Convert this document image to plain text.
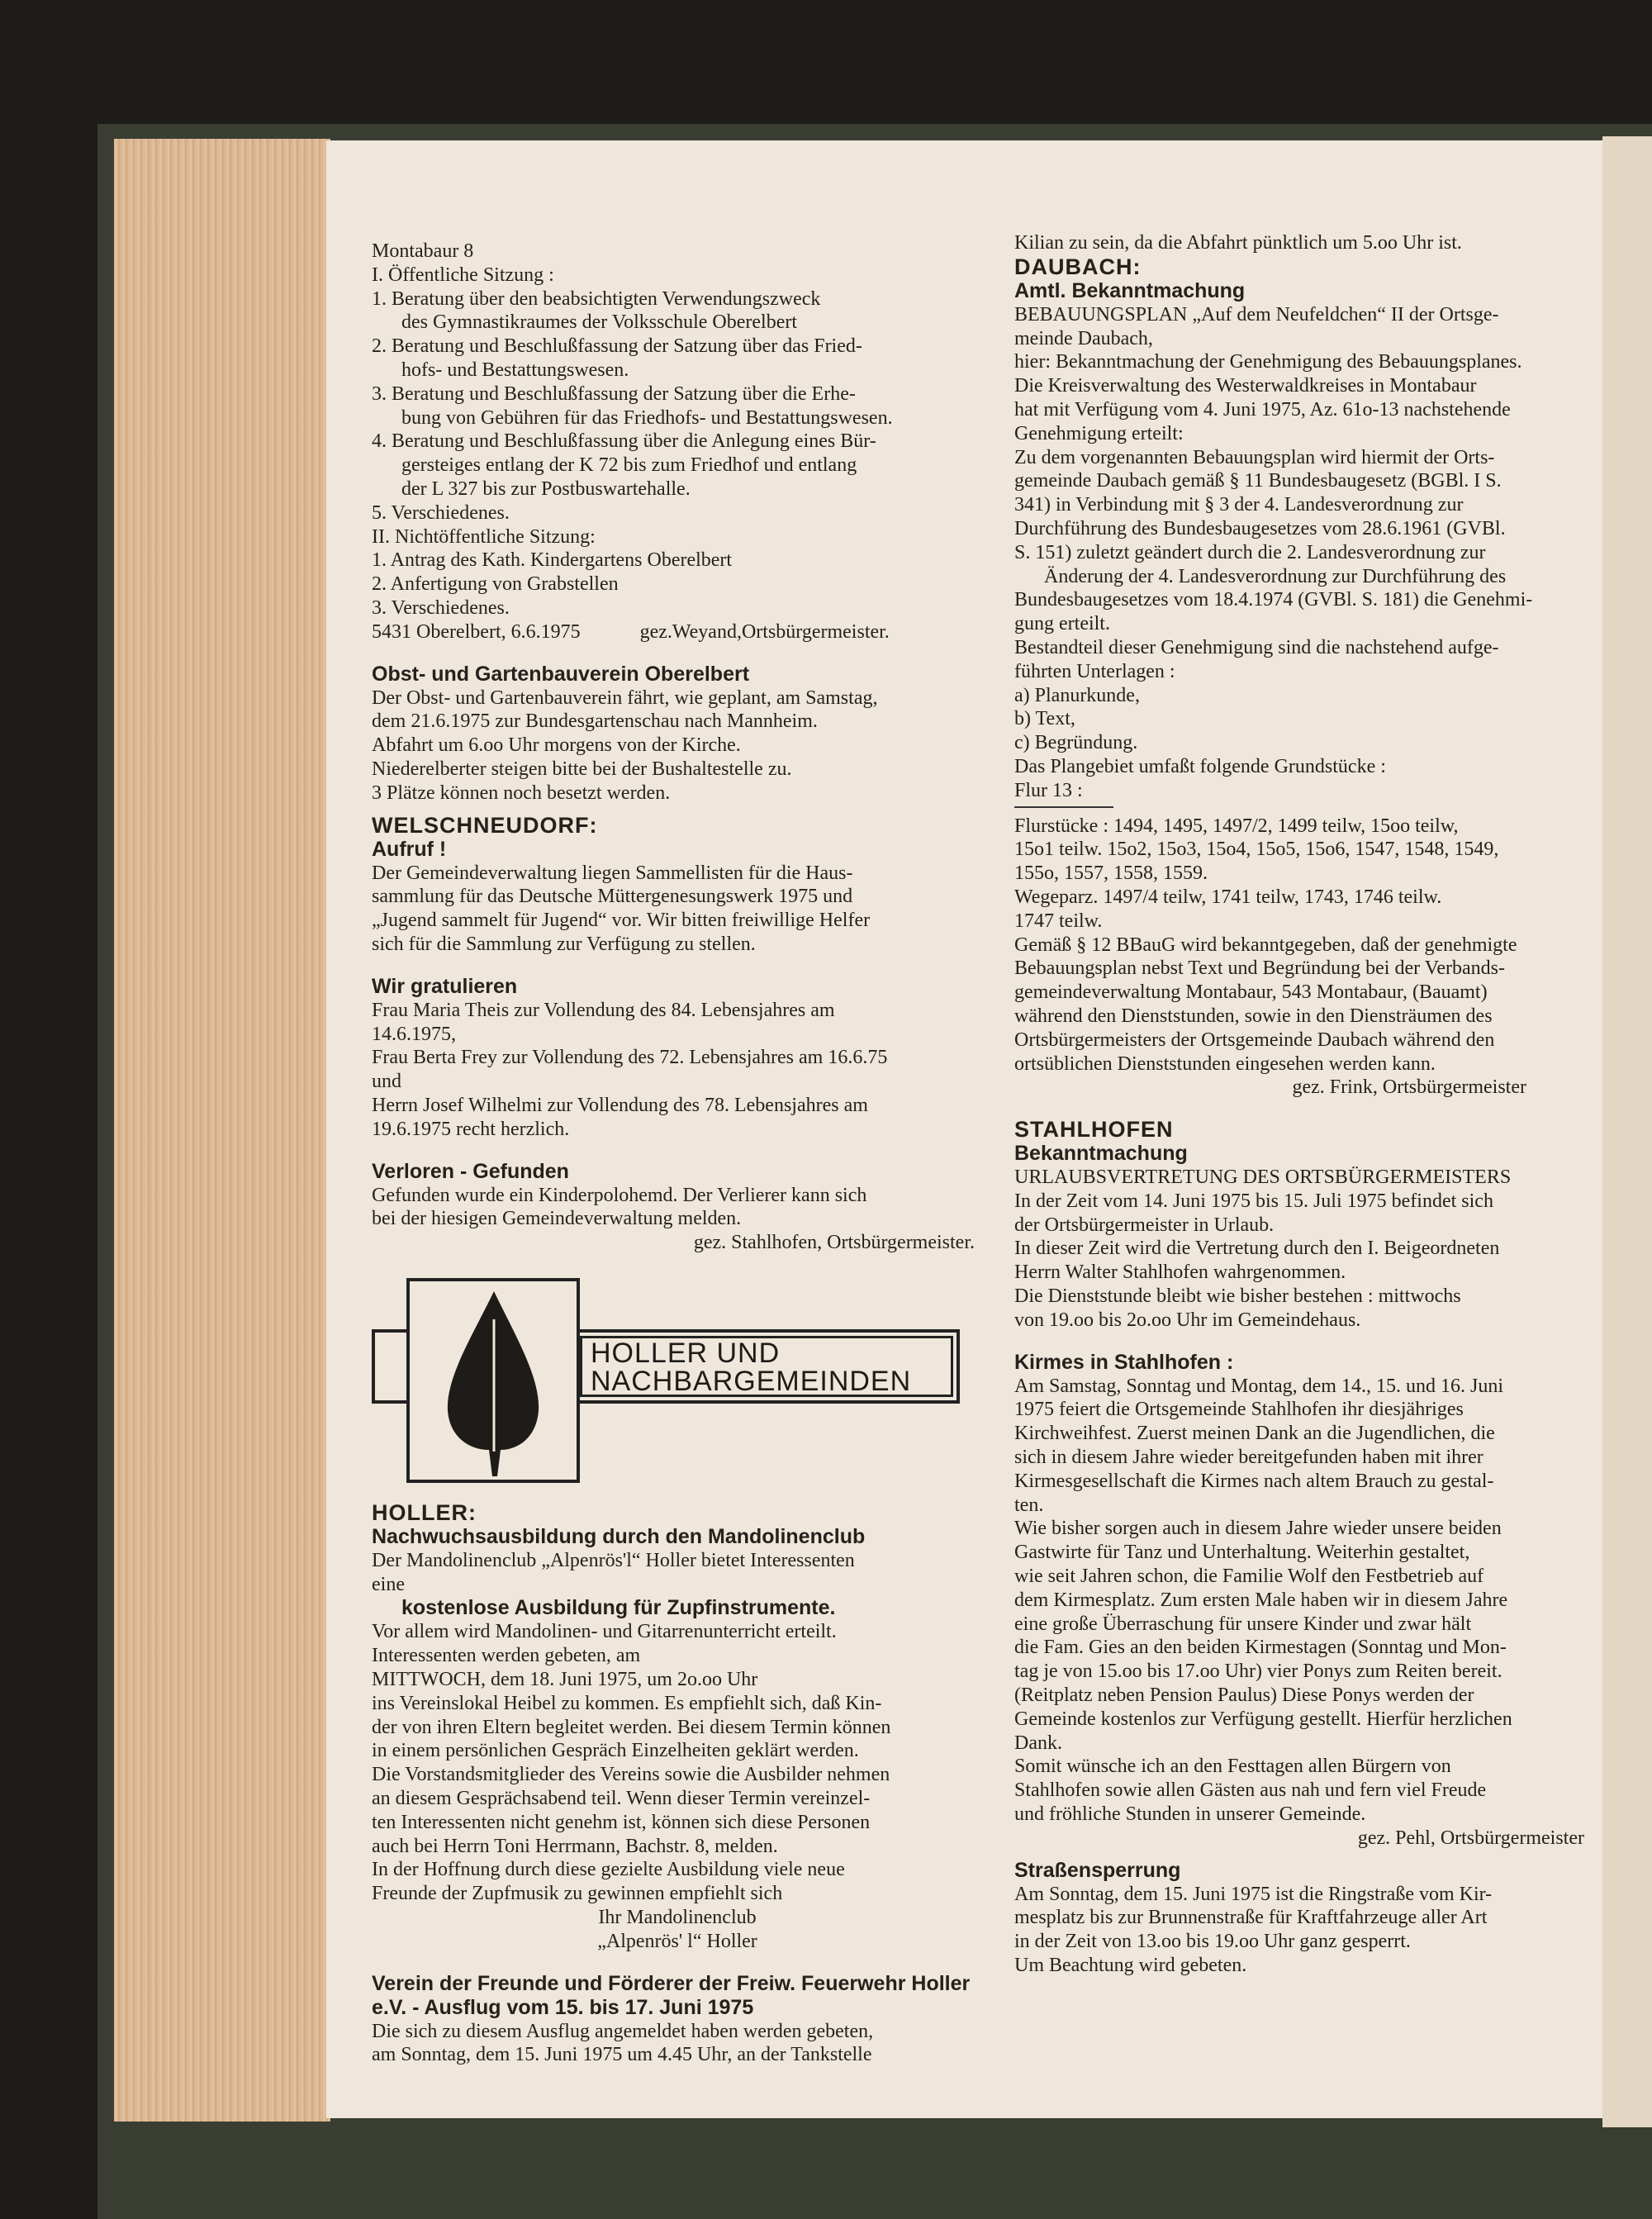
Montabaur 8
I. Öffentliche Sitzung :
1. Beratung über den beabsichtigten Verwendungszweck
des Gymnastikraumes der Volksschule Oberelbert
2. Beratung und Beschlußfassung der Satzung über das Fried-
hofs- und Bestattungswesen.
3. Beratung und Beschlußfassung der Satzung über die Erhe-
bung von Gebühren für das Friedhofs- und Bestattungswesen.
4. Beratung und Beschlußfassung über die Anlegung eines Bür-
gersteiges entlang der K 72 bis zum Friedhof und entlang
der L 327 bis zur Postbuswartehalle.
5. Verschiedenes.
II. Nichtöffentliche Sitzung:
1. Antrag des Kath. Kindergartens Oberelbert
2. Anfertigung von Grabstellen
3. Verschiedenes.
5431 Oberelbert, 6.6.1975	gez.Weyand,Ortsbürgermeister.
Obst- und Gartenbauverein Oberelbert
Der Obst- und Gartenbauverein fährt, wie geplant, am Samstag,
dem 21.6.1975 zur Bundesgartenschau nach Mannheim.
Abfahrt um 6.oo Uhr morgens von der Kirche.
Niederelberter steigen bitte bei der Bushaltestelle zu.
3 Plätze können noch besetzt werden.
WELSCHNEUDORF:
Aufruf !
Der Gemeindeverwaltung liegen Sammellisten für die Haus-
sammlung für das Deutsche Müttergenesungswerk 1975 und
„Jugend sammelt für Jugend“ vor. Wir bitten freiwillige Helfer
sich für die Sammlung zur Verfügung zu stellen.
Wir gratulieren
Frau Maria Theis zur Vollendung des 84. Lebensjahres am
14.6.1975,
Frau Berta Frey zur Vollendung des 72. Lebensjahres am 16.6.75
und
Herrn Josef Wilhelmi zur Vollendung des 78. Lebensjahres am
19.6.1975 recht herzlich.
Verloren - Gefunden
Gefunden wurde ein Kinderpolohemd. Der Verlierer kann sich
bei der hiesigen Gemeindeverwaltung melden.
gez. Stahlhofen, Ortsbürgermeister.
HOLLER UND
NACHBARGEMEINDEN
HOLLER:
Nachwuchsausbildung durch den Mandolinenclub
Der Mandolinenclub „Alpenrös'l“ Holler bietet Interessenten
eine
kostenlose Ausbildung für Zupfinstrumente.
Vor allem wird Mandolinen- und Gitarrenunterricht erteilt.
Interessenten werden gebeten, am
MITTWOCH, dem 18. Juni 1975, um 2o.oo Uhr
ins Vereinslokal Heibel zu kommen. Es empfiehlt sich, daß Kin-
der von ihren Eltern begleitet werden. Bei diesem Termin können
in einem persönlichen Gespräch Einzelheiten geklärt werden.
Die Vorstandsmitglieder des Vereins sowie die Ausbilder nehmen
an diesem Gesprächsabend teil. Wenn dieser Termin vereinzel-
ten Interessenten nicht genehm ist, können sich diese Personen
auch bei Herrn Toni Herrmann, Bachstr. 8, melden.
In der Hoffnung durch diese gezielte Ausbildung viele neue
Freunde der Zupfmusik zu gewinnen empfiehlt sich
Ihr Mandolinenclub
„Alpenrös' l“ Holler
Verein der Freunde und Förderer der Freiw. Feuerwehr Holler
e.V. - Ausflug vom 15. bis 17. Juni 1975
Die sich zu diesem Ausflug angemeldet haben werden gebeten,
am Sonntag, dem 15. Juni 1975 um 4.45 Uhr, an der Tankstelle
Kilian zu sein, da die Abfahrt pünktlich um 5.oo Uhr ist.
DAUBACH:
Amtl. Bekanntmachung
BEBAUUNGSPLAN „Auf dem Neufeldchen“ II der Ortsge-
meinde Daubach,
hier: Bekanntmachung der Genehmigung des Bebauungsplanes.
Die Kreisverwaltung des Westerwaldkreises in Montabaur
hat mit Verfügung vom 4. Juni 1975, Az. 61o-13 nachstehende
Genehmigung erteilt:
Zu dem vorgenannten Bebauungsplan wird hiermit der Orts-
gemeinde Daubach gemäß § 11 Bundesbaugesetz (BGBl. I S.
341) in Verbindung mit § 3 der 4. Landesverordnung zur
Durchführung des Bundesbaugesetzes vom 28.6.1961 (GVBl.
S. 151) zuletzt geändert durch die 2. Landesverordnung zur
Änderung der 4. Landesverordnung zur Durchführung des
Bundesbaugesetzes vom 18.4.1974 (GVBl. S. 181) die Genehmi-
gung erteilt.
Bestandteil dieser Genehmigung sind die nachstehend aufge-
führten Unterlagen :
a) Planurkunde,
b) Text,
c) Begründung.
Das Plangebiet umfaßt folgende Grundstücke :
Flur 13 :
Flurstücke : 1494, 1495, 1497/2, 1499 teilw, 15oo teilw,
15o1 teilw. 15o2, 15o3, 15o4, 15o5, 15o6, 1547, 1548, 1549,
155o, 1557, 1558, 1559.
Wegeparz. 1497/4 teilw, 1741 teilw, 1743, 1746 teilw.
1747 teilw.
Gemäß § 12 BBauG wird bekanntgegeben, daß der genehmigte
Bebauungsplan nebst Text und Begründung bei der Verbands-
gemeindeverwaltung Montabaur, 543 Montabaur, (Bauamt)
während den Dienststunden, sowie in den Diensträumen des
Ortsbürgermeisters der Ortsgemeinde Daubach während den
ortsüblichen Dienststunden eingesehen werden kann.
gez. Frink, Ortsbürgermeister
STAHLHOFEN
Bekanntmachung
URLAUBSVERTRETUNG DES ORTSBÜRGERMEISTERS
In der Zeit vom 14. Juni 1975 bis 15. Juli 1975 befindet sich
der Ortsbürgermeister in Urlaub.
In dieser Zeit wird die Vertretung durch den I. Beigeordneten
Herrn Walter Stahlhofen wahrgenommen.
Die Dienststunde bleibt wie bisher bestehen : mittwochs
von 19.oo bis 2o.oo Uhr im Gemeindehaus.
Kirmes in Stahlhofen :
Am Samstag, Sonntag und Montag, dem 14., 15. und 16. Juni
1975 feiert die Ortsgemeinde Stahlhofen ihr diesjähriges
Kirchweihfest. Zuerst meinen Dank an die Jugendlichen, die
sich in diesem Jahre wieder bereitgefunden haben mit ihrer
Kirmesgesellschaft die Kirmes nach altem Brauch zu gestal-
ten.
Wie bisher sorgen auch in diesem Jahre wieder unsere beiden
Gastwirte für Tanz und Unterhaltung. Weiterhin gestaltet,
wie seit Jahren schon, die Familie Wolf den Festbetrieb auf
dem Kirmesplatz. Zum ersten Male haben wir in diesem Jahre
eine große Überraschung für unsere Kinder und zwar hält
die Fam. Gies an den beiden Kirmestagen (Sonntag und Mon-
tag je von 15.oo bis 17.oo Uhr) vier Ponys zum Reiten bereit.
(Reitplatz neben Pension Paulus) Diese Ponys werden der
Gemeinde kostenlos zur Verfügung gestellt. Hierfür herzlichen
Dank.
Somit wünsche ich an den Festtagen allen Bürgern von
Stahlhofen sowie allen Gästen aus nah und fern viel Freude
und fröhliche Stunden in unserer Gemeinde.
gez. Pehl, Ortsbürgermeister
Straßensperrung
Am Sonntag, dem 15. Juni 1975 ist die Ringstraße vom Kir-
mesplatz bis zur Brunnenstraße für Kraftfahrzeuge aller Art
in der Zeit von 13.oo bis 19.oo Uhr ganz gesperrt.
Um Beachtung wird gebeten.
